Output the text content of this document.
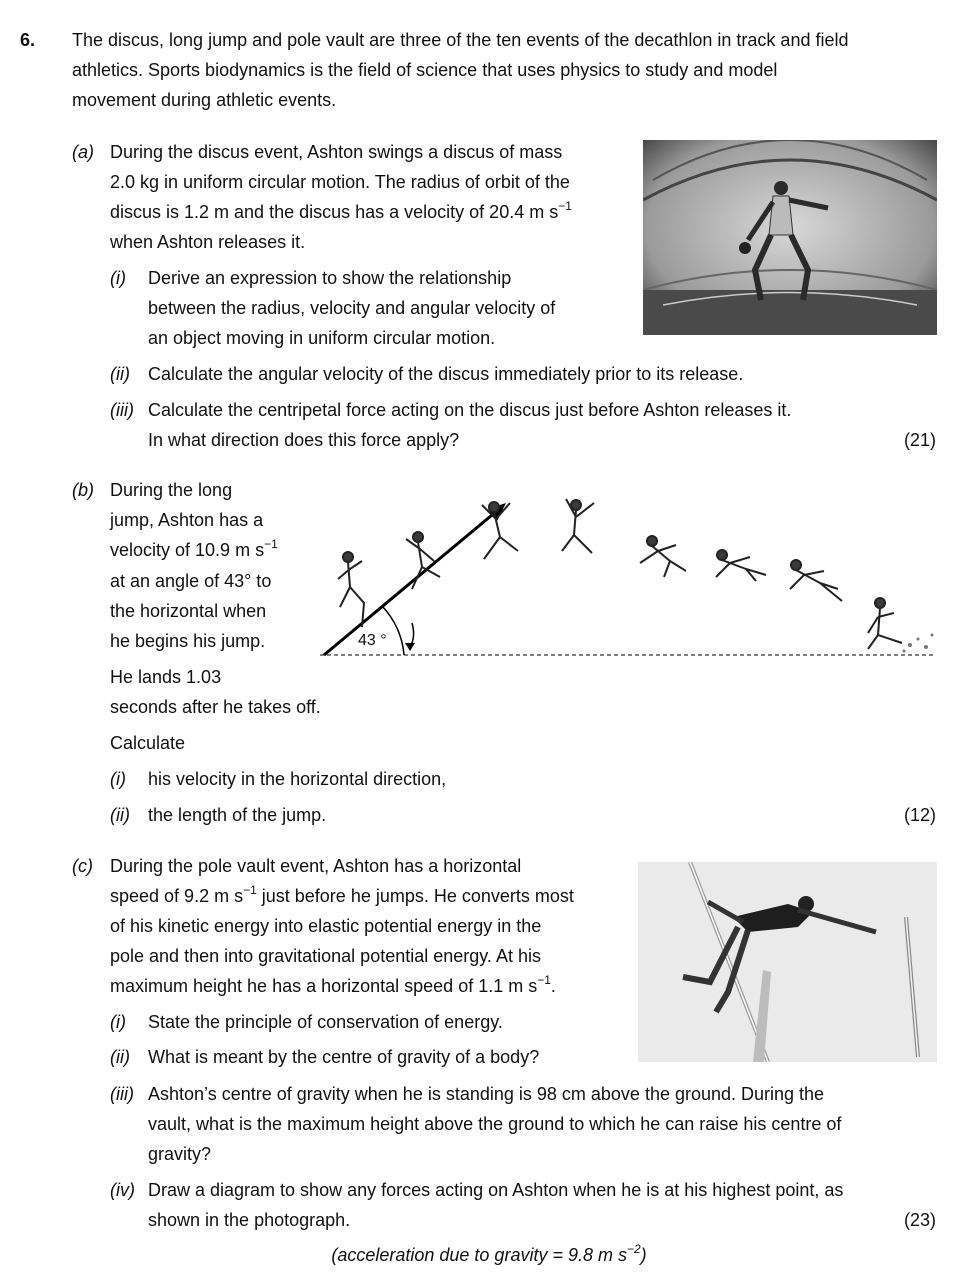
6. The discus, long jump and pole vault are three of the ten events of the decathlon in track and field
athletics. Sports biodynamics is the field of science that uses physics to study and model
movement during athletic events.
(a) During the discus event, Ashton swings a discus of mass
2.0 kg in uniform circular motion. The radius of orbit of the
discus is 1.2 m and the discus has a velocity of 20.4 m $s^{-1}$
when Ashton releases it.
(i) Derive an expression to show the relationship
between the radius, velocity and angular velocity of
an object moving in uniform circular motion.
(ii) Calculate the angular velocity of the discus immediately prior to its release.
(iii) Calculate the centripetal force acting on the discus just before Ashton releases it.
In what direction does this force apply?	(21)
(b) During the long
jump, Ashton has a
velocity of 10.9 m $s^{-1}$
at an angle of 43° to
the horizontal when
he begins his jump.
He lands 1.03
seconds after he takes off.
Calculate
(i) his velocity in the horizontal direction,
(ii) the length of the jump.	(12)
43 °
(c) During the pole vault event, Ashton has a horizontal
speed of 9.2 m $s^{-1}$ just before he jumps. He converts most
of his kinetic energy into elastic potential energy in the
pole and then into gravitational potential energy. At his
maximum height he has a horizontal speed of 1.1 m $s^{-1}$.
(i) State the principle of conservation of energy.
(ii) What is meant by the centre of gravity of a body?
(iii) Ashton’s centre of gravity when he is standing is 98 cm above the ground. During the
vault, what is the maximum height above the ground to which he can raise his centre of
gravity?
(iv) Draw a diagram to show any forces acting on Ashton when he is at his highest point, as
shown in the photograph.	(23)
(acceleration due to gravity = 9.8 m $s^{-2}$)
